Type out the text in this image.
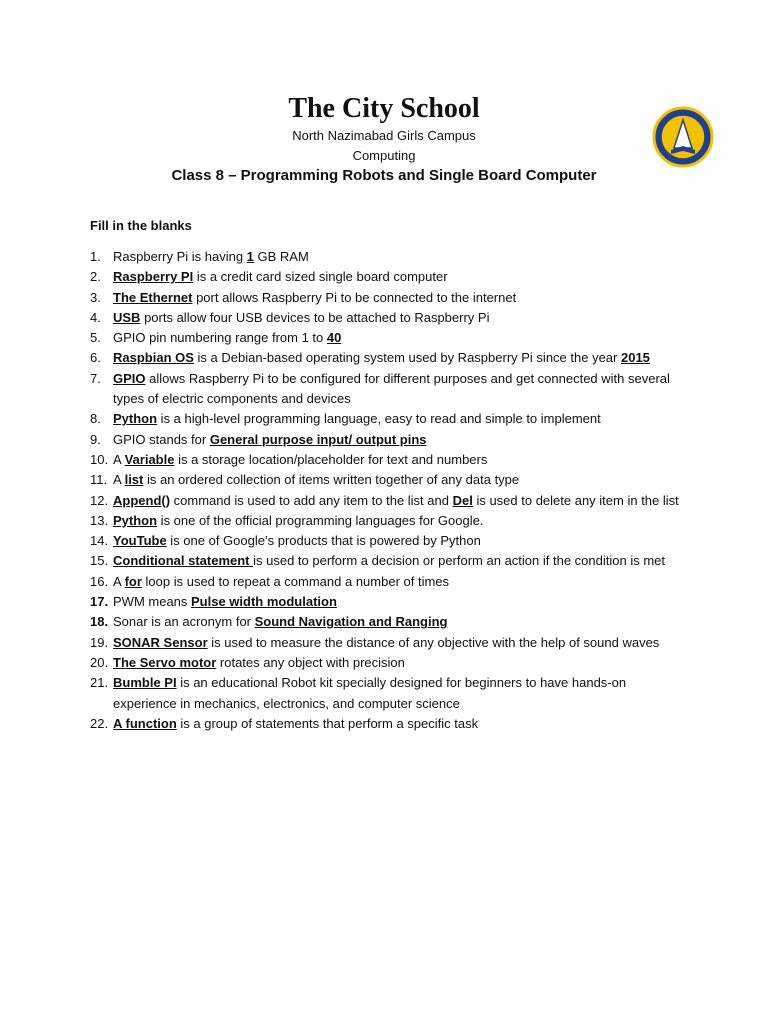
The City School
North Nazimabad Girls Campus
Computing
Class 8 – Programming Robots and Single Board Computer
Fill in the blanks
1. Raspberry Pi is having 1 GB RAM
2. Raspberry PI is a credit card sized single board computer
3. The Ethernet port allows Raspberry Pi to be connected to the internet
4. USB ports allow four USB devices to be attached to Raspberry Pi
5. GPIO pin numbering range from 1 to 40
6. Raspbian OS is a Debian-based operating system used by Raspberry Pi since the year 2015
7. GPIO allows Raspberry Pi to be configured for different purposes and get connected with several types of electric components and devices
8. Python is a high-level programming language, easy to read and simple to implement
9. GPIO stands for General purpose input/ output pins
10. A Variable is a storage location/placeholder for text and numbers
11. A list is an ordered collection of items written together of any data type
12. Append() command is used to add any item to the list and Del is used to delete any item in the list
13. Python is one of the official programming languages for Google.
14. YouTube is one of Google’s products that is powered by Python
15. Conditional statement is used to perform a decision or perform an action if the condition is met
16. A for loop is used to repeat a command a number of times
17. PWM means Pulse width modulation
18. Sonar is an acronym for Sound Navigation and Ranging
19. SONAR Sensor is used to measure the distance of any objective with the help of sound waves
20. The Servo motor rotates any object with precision
21. Bumble PI is an educational Robot kit specially designed for beginners to have hands-on experience in mechanics, electronics, and computer science
22. A function is a group of statements that perform a specific task
